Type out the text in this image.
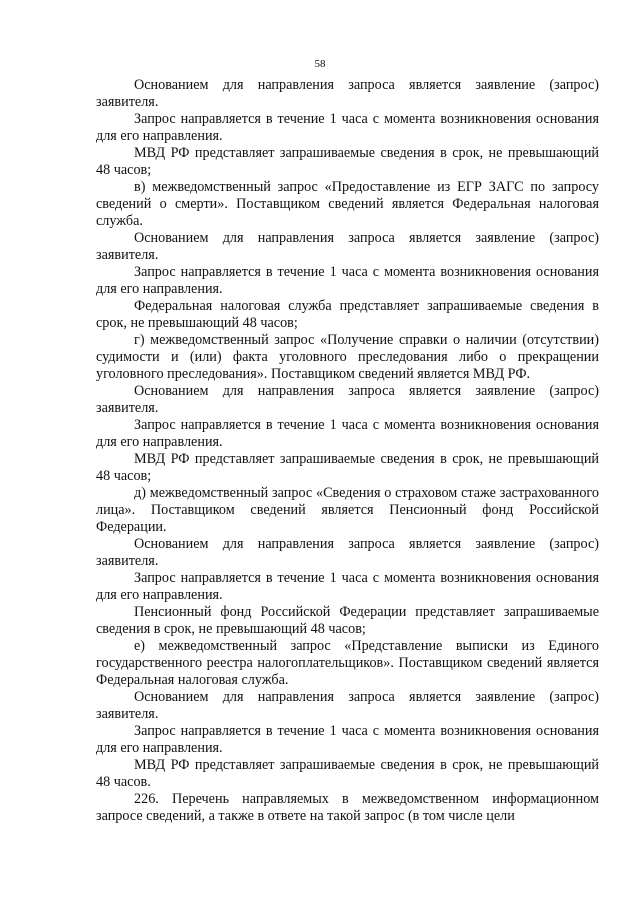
58

Основанием для направления запроса является заявление (запрос) заявителя.

Запрос направляется в течение 1 часа с момента возникновения основания для его направления.

МВД РФ представляет запрашиваемые сведения в срок, не превышающий 48 часов;

в) межведомственный запрос «Предоставление из ЕГР ЗАГС по запросу сведений о смерти». Поставщиком сведений является Федеральная налоговая служба.

Основанием для направления запроса является заявление (запрос) заявителя.

Запрос направляется в течение 1 часа с момента возникновения основания для его направления.

Федеральная налоговая служба представляет запрашиваемые сведения в срок, не превышающий 48 часов;

г) межведомственный запрос «Получение справки о наличии (отсутствии) судимости и (или) факта уголовного преследования либо о прекращении уголовного преследования». Поставщиком сведений является МВД РФ.

Основанием для направления запроса является заявление (запрос) заявителя.

Запрос направляется в течение 1 часа с момента возникновения основания для его направления.

МВД РФ представляет запрашиваемые сведения в срок, не превышающий 48 часов;

д) межведомственный запрос «Сведения о страховом стаже застрахованного лица». Поставщиком сведений является Пенсионный фонд Российской Федерации.

Основанием для направления запроса является заявление (запрос) заявителя.

Запрос направляется в течение 1 часа с момента возникновения основания для его направления.

Пенсионный фонд Российской Федерации представляет запрашиваемые сведения в срок, не превышающий 48 часов;

е) межведомственный запрос «Представление выписки из Единого государственного реестра налогоплательщиков». Поставщиком сведений является Федеральная налоговая служба.

Основанием для направления запроса является заявление (запрос) заявителя.

Запрос направляется в течение 1 часа с момента возникновения основания для его направления.

МВД РФ представляет запрашиваемые сведения в срок, не превышающий 48 часов.

226. Перечень направляемых в межведомственном информационном запросе сведений, а также в ответе на такой запрос (в том числе цели
